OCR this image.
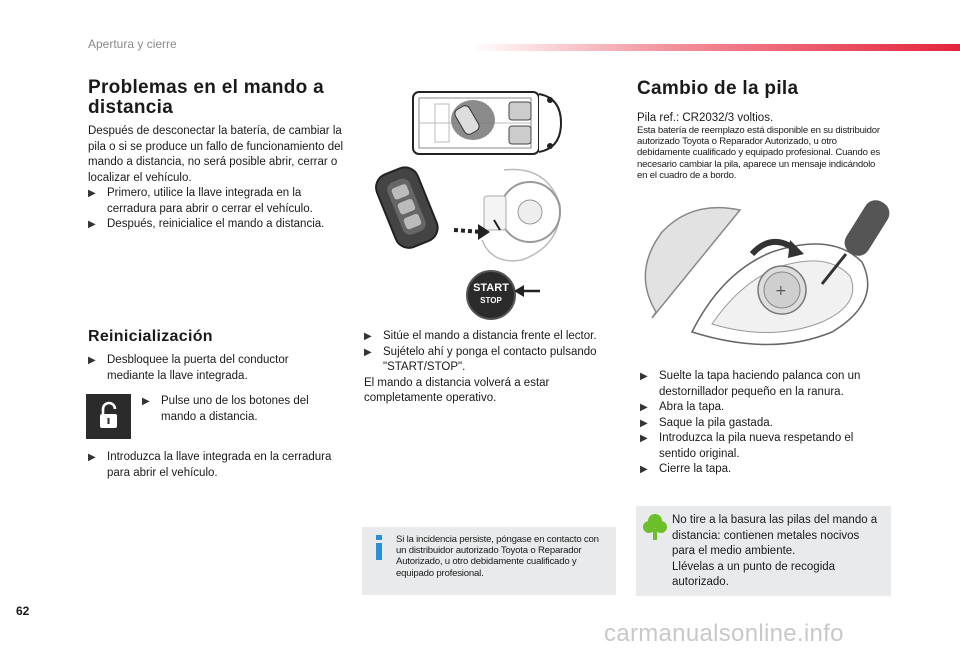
Apertura y cierre
Problemas en el mando a distancia
Después de desconectar la batería, de cambiar la pila o si se produce un fallo de funcionamiento del mando a distancia, no será posible abrir, cerrar o localizar el vehículo.
▶︎ Primero, utilice la llave integrada en la cerradura para abrir o cerrar el vehículo.
▶︎ Después, reinicialice el mando a distancia.
Reinicialización
▶︎ Desbloquee la puerta del conductor mediante la llave integrada.
▶︎ Pulse uno de los botones del mando a distancia.
▶︎ Introduzca la llave integrada en la cerradura para abrir el vehículo.
START
STOP
▶︎ Sitúe el mando a distancia frente el lector.
▶︎ Sujételo ahí y ponga el contacto pulsando "START/STOP".
El mando a distancia volverá a estar completamente operativo.
Si la incidencia persiste, póngase en contacto con un distribuidor autorizado Toyota o Reparador Autorizado, u otro debidamente cualificado y equipado profesional.
Cambio de la pila
Pila ref.: CR2032/3 voltios.
Esta batería de reemplazo está disponible en su distribuidor autorizado Toyota o Reparador Autorizado, u otro debidamente cualificado y equipado profesional. Cuando es necesario cambiar la pila, aparece un mensaje indicándolo en el cuadro de a bordo.
+
▶︎ Suelte la tapa haciendo palanca con un destornillador pequeño en la ranura.
▶︎ Abra la tapa.
▶︎ Saque la pila gastada.
▶︎ Introduzca la pila nueva respetando el sentido original.
▶︎ Cierre la tapa.
No tire a la basura las pilas del mando a distancia: contienen metales nocivos para el medio ambiente.
Llévelas a un punto de recogida autorizado.
62
carmanualsonline.info
